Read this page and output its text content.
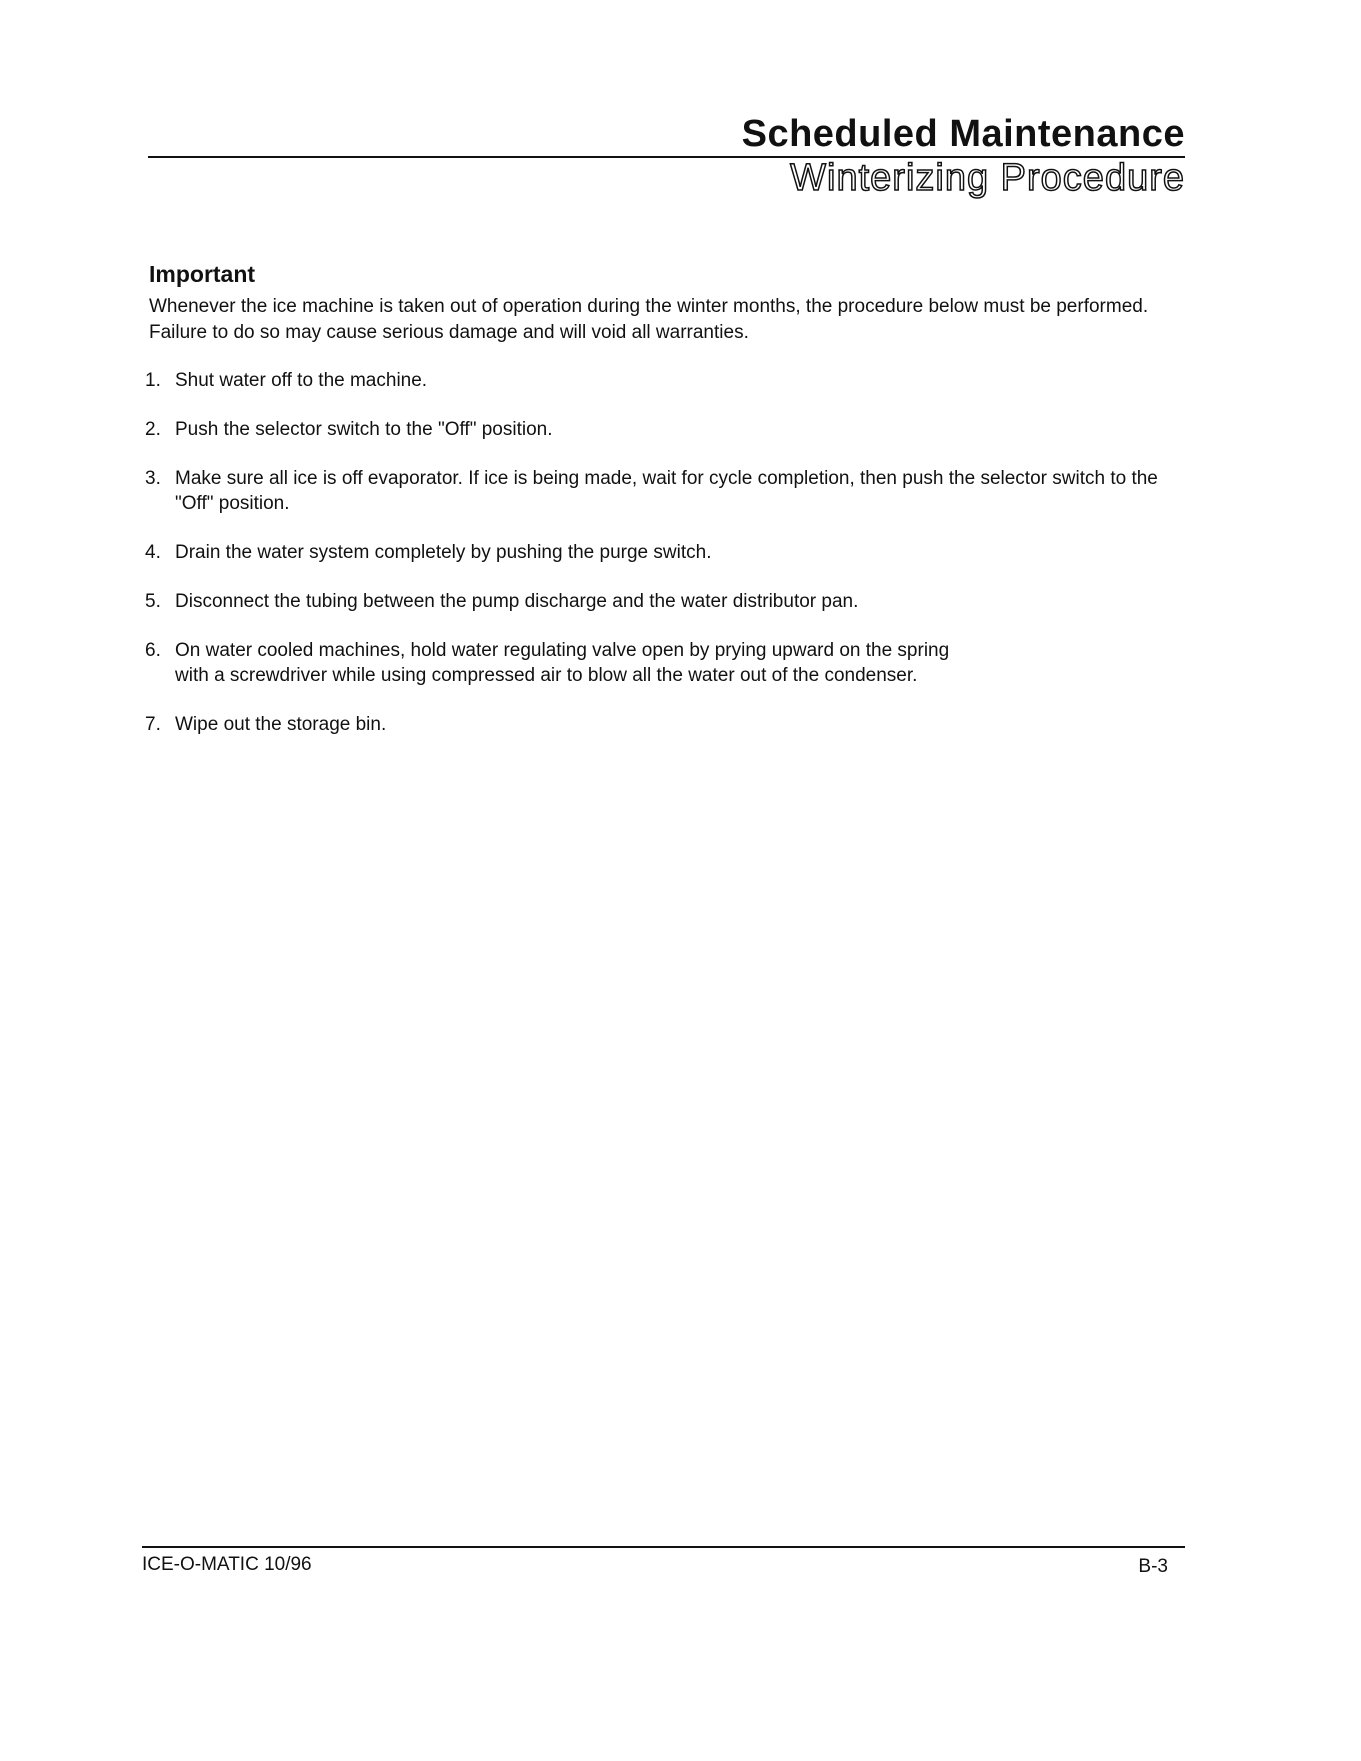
Scheduled Maintenance
Winterizing Procedure
Important
Whenever the ice machine is taken out of operation during the winter months, the procedure below must be performed. Failure to do so may cause serious damage and will void all warranties.
1. Shut water off to the machine.
2. Push the selector switch to the "Off" position.
3. Make sure all ice is off evaporator. If ice is being made, wait for cycle completion, then push the selector switch to the "Off" position.
4. Drain the water system completely by pushing the purge switch.
5. Disconnect the tubing between the pump discharge and the water distributor pan.
6. On water cooled machines, hold water regulating valve open by prying upward on the spring with a screwdriver while using compressed air to blow all the water out of the condenser.
7. Wipe out the storage bin.
ICE-O-MATIC 10/96	B-3
